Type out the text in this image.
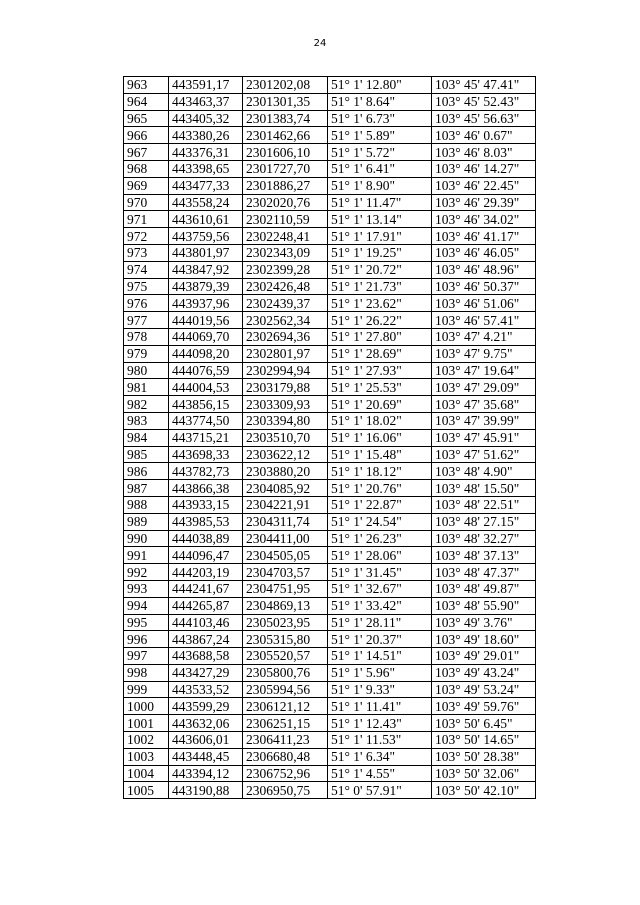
24
963	443591,17	2301202,08	51° 1' 12.80"	103° 45' 47.41"
964	443463,37	2301301,35	51° 1' 8.64"	103° 45' 52.43"
965	443405,32	2301383,74	51° 1' 6.73"	103° 45' 56.63"
966	443380,26	2301462,66	51° 1' 5.89"	103° 46' 0.67"
967	443376,31	2301606,10	51° 1' 5.72"	103° 46' 8.03"
968	443398,65	2301727,70	51° 1' 6.41"	103° 46' 14.27"
969	443477,33	2301886,27	51° 1' 8.90"	103° 46' 22.45"
970	443558,24	2302020,76	51° 1' 11.47"	103° 46' 29.39"
971	443610,61	2302110,59	51° 1' 13.14"	103° 46' 34.02"
972	443759,56	2302248,41	51° 1' 17.91"	103° 46' 41.17"
973	443801,97	2302343,09	51° 1' 19.25"	103° 46' 46.05"
974	443847,92	2302399,28	51° 1' 20.72"	103° 46' 48.96"
975	443879,39	2302426,48	51° 1' 21.73"	103° 46' 50.37"
976	443937,96	2302439,37	51° 1' 23.62"	103° 46' 51.06"
977	444019,56	2302562,34	51° 1' 26.22"	103° 46' 57.41"
978	444069,70	2302694,36	51° 1' 27.80"	103° 47' 4.21"
979	444098,20	2302801,97	51° 1' 28.69"	103° 47' 9.75"
980	444076,59	2302994,94	51° 1' 27.93"	103° 47' 19.64"
981	444004,53	2303179,88	51° 1' 25.53"	103° 47' 29.09"
982	443856,15	2303309,93	51° 1' 20.69"	103° 47' 35.68"
983	443774,50	2303394,80	51° 1' 18.02"	103° 47' 39.99"
984	443715,21	2303510,70	51° 1' 16.06"	103° 47' 45.91"
985	443698,33	2303622,12	51° 1' 15.48"	103° 47' 51.62"
986	443782,73	2303880,20	51° 1' 18.12"	103° 48' 4.90"
987	443866,38	2304085,92	51° 1' 20.76"	103° 48' 15.50"
988	443933,15	2304221,91	51° 1' 22.87"	103° 48' 22.51"
989	443985,53	2304311,74	51° 1' 24.54"	103° 48' 27.15"
990	444038,89	2304411,00	51° 1' 26.23"	103° 48' 32.27"
991	444096,47	2304505,05	51° 1' 28.06"	103° 48' 37.13"
992	444203,19	2304703,57	51° 1' 31.45"	103° 48' 47.37"
993	444241,67	2304751,95	51° 1' 32.67"	103° 48' 49.87"
994	444265,87	2304869,13	51° 1' 33.42"	103° 48' 55.90"
995	444103,46	2305023,95	51° 1' 28.11"	103° 49' 3.76"
996	443867,24	2305315,80	51° 1' 20.37"	103° 49' 18.60"
997	443688,58	2305520,57	51° 1' 14.51"	103° 49' 29.01"
998	443427,29	2305800,76	51° 1' 5.96"	103° 49' 43.24"
999	443533,52	2305994,56	51° 1' 9.33"	103° 49' 53.24"
1000	443599,29	2306121,12	51° 1' 11.41"	103° 49' 59.76"
1001	443632,06	2306251,15	51° 1' 12.43"	103° 50' 6.45"
1002	443606,01	2306411,23	51° 1' 11.53"	103° 50' 14.65"
1003	443448,45	2306680,48	51° 1' 6.34"	103° 50' 28.38"
1004	443394,12	2306752,96	51° 1' 4.55"	103° 50' 32.06"
1005	443190,88	2306950,75	51° 0' 57.91"	103° 50' 42.10"
